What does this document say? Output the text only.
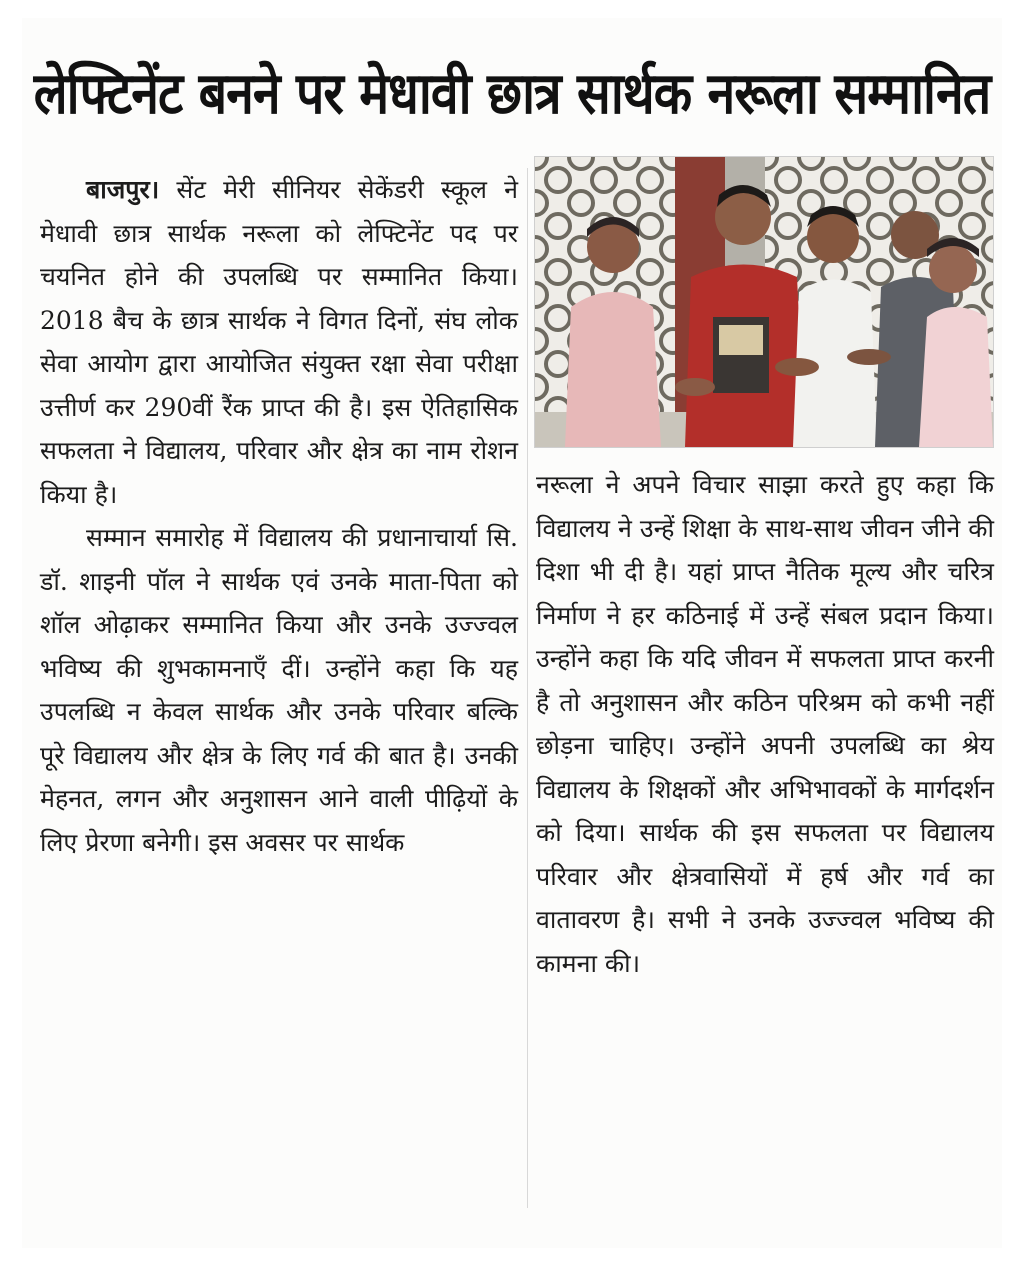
लेफ्टिनेंट बनने पर मेधावी छात्र सार्थक नरूला सम्मानित

बाजपुर। सेंट मेरी सीनियर सेकेंडरी स्कूल ने मेधावी छात्र सार्थक नरूला को लेफ्टिनेंट पद पर चयनित होने की उपलब्धि पर सम्मानित किया। 2018 बैच के छात्र सार्थक ने विगत दिनों, संघ लोक सेवा आयोग द्वारा आयोजित संयुक्त रक्षा सेवा परीक्षा उत्तीर्ण कर 290वीं रैंक प्राप्त की है। इस ऐतिहासिक सफलता ने विद्यालय, परिवार और क्षेत्र का नाम रोशन किया है।

सम्मान समारोह में विद्यालय की प्रधानाचार्या सि. डॉ. शाइनी पॉल ने सार्थक एवं उनके माता-पिता को शॉल ओढ़ाकर सम्मानित किया और उनके उज्ज्वल भविष्य की शुभकामनाएँ दीं। उन्होंने कहा कि यह उपलब्धि न केवल सार्थक और उनके परिवार बल्कि पूरे विद्यालय और क्षेत्र के लिए गर्व की बात है। उनकी मेहनत, लगन और अनुशासन आने वाली पीढ़ियों के लिए प्रेरणा बनेगी। इस अवसर पर सार्थक

नरूला ने अपने विचार साझा करते हुए कहा कि विद्यालय ने उन्हें शिक्षा के साथ-साथ जीवन जीने की दिशा भी दी है। यहां प्राप्त नैतिक मूल्य और चरित्र निर्माण ने हर कठिनाई में उन्हें संबल प्रदान किया। उन्होंने कहा कि यदि जीवन में सफलता प्राप्त करनी है तो अनुशासन और कठिन परिश्रम को कभी नहीं छोड़ना चाहिए। उन्होंने अपनी उपलब्धि का श्रेय विद्यालय के शिक्षकों और अभिभावकों के मार्गदर्शन को दिया। सार्थक की इस सफलता पर विद्यालय परिवार और क्षेत्रवासियों में हर्ष और गर्व का वातावरण है। सभी ने उनके उज्ज्वल भविष्य की कामना की।
